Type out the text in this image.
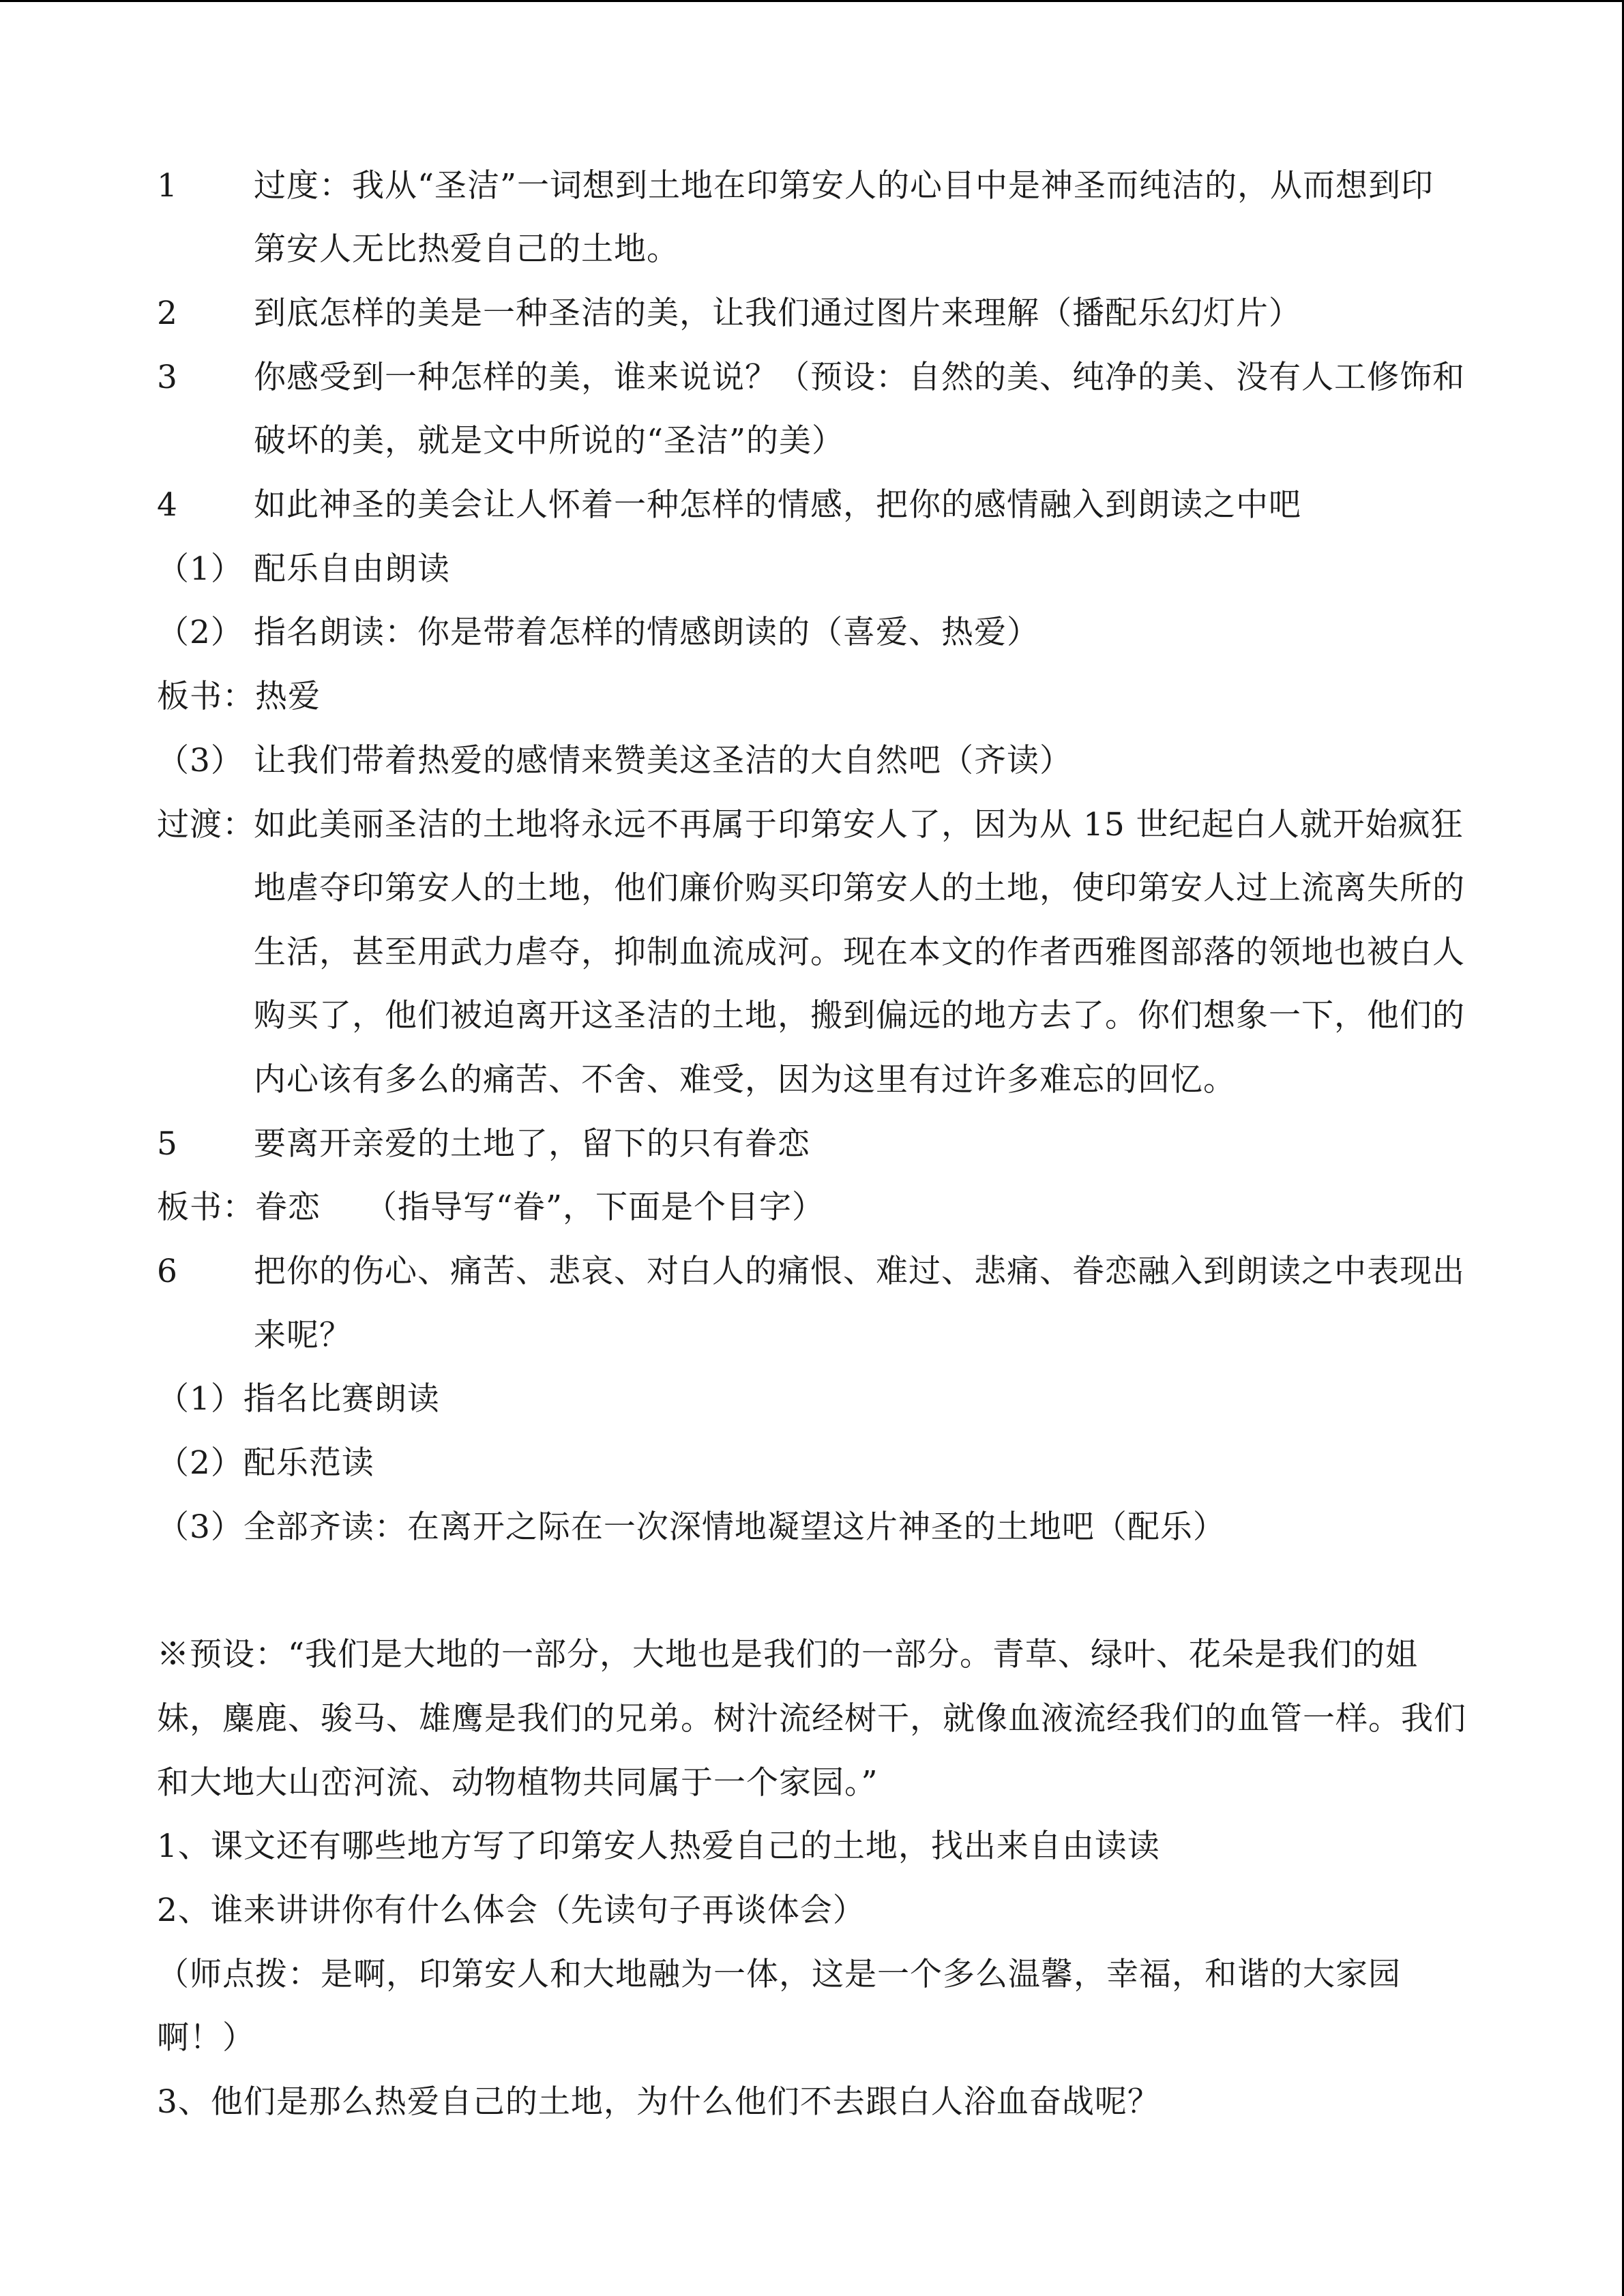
1 过度：我从“圣洁”一词想到土地在印第安人的心目中是神圣而纯洁的，从而想到印
第安人无比热爱自己的土地。
2 到底怎样的美是一种圣洁的美，让我们通过图片来理解（播配乐幻灯片）
3 你感受到一种怎样的美，谁来说说？（预设：自然的美、纯净的美、没有人工修饰和
破坏的美，就是文中所说的“圣洁”的美）
4 如此神圣的美会让人怀着一种怎样的情感，把你的感情融入到朗读之中吧
（1） 配乐自由朗读
（2） 指名朗读：你是带着怎样的情感朗读的（喜爱、热爱）
板书：热爱
（3） 让我们带着热爱的感情来赞美这圣洁的大自然吧（齐读）
过渡：
如此美丽圣洁的土地将永远不再属于印第安人了，因为从 15 世纪起白人就开始疯狂
地虐夺印第安人的土地，他们廉价购买印第安人的土地，使印第安人过上流离失所的
生活，甚至用武力虐夺，抑制血流成河。现在本文的作者西雅图部落的领地也被白人
购买了，他们被迫离开这圣洁的土地，搬到偏远的地方去了。你们想象一下，他们的
内心该有多么的痛苦、不舍、难受，因为这里有过许多难忘的回忆。
5 要离开亲爱的土地了，留下的只有眷恋
板书：眷恋 （指导写“眷”，下面是个目字）
6 把你的伤心、痛苦、悲哀、对白人的痛恨、难过、悲痛、眷恋融入到朗读之中表现出
来呢？
（1）指名比赛朗读
（2）配乐范读
（3）全部齐读：在离开之际在一次深情地凝望这片神圣的土地吧（配乐）
※预设：“我们是大地的一部分，大地也是我们的一部分。青草、绿叶、花朵是我们的姐
妹，麋鹿、骏马、雄鹰是我们的兄弟。树汁流经树干，就像血液流经我们的血管一样。我们
和大地大山峦河流、动物植物共同属于一个家园。”
1、课文还有哪些地方写了印第安人热爱自己的土地，找出来自由读读
2、谁来讲讲你有什么体会（先读句子再谈体会）
（师点拨：是啊，印第安人和大地融为一体，这是一个多么温馨，幸福，和谐的大家园
啊！）
3、他们是那么热爱自己的土地，为什么他们不去跟白人浴血奋战呢？
